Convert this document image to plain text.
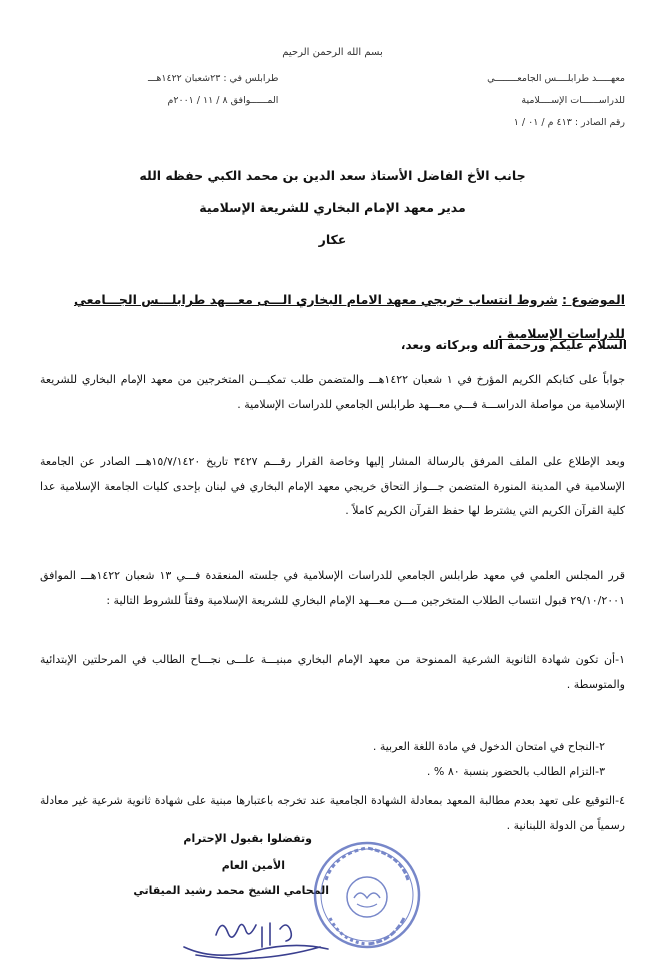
بسم الله الرحمن الرحيم
معهـــــد طرابلــــس الجامعــــــــي
للدراســــــات الإســــلامية
رقم الصادر : ٤١٣ م / ٠١ / ١
طرابلس في : ٢٣شعبان ١٤٢٢هـــ
المــــــوافق ٨ / ١١ / ٢٠٠١م
جانب الأخ الفاضل الأستاذ سعد الدين بن محمد الكبي حفظه الله
مدير معهد الإمام البخاري للشريعة الإسلامية
عكار
الموضوع : شروط انتساب خريجي معهد الامام البخاري الـــى معـــهد طرابلـــس الجـــامعي للدراسات الإسلامية .
السلام عليكم ورحمة الله وبركاته وبعد،
جواباً على كتابكم الكريم المؤرخ في ١ شعبان ١٤٢٢هـــ والمتضمن طلب تمكيـــن المتخرجين من معهد الإمام البخاري للشريعة الإسلامية من مواصلة الدراســـة فـــي معـــهد طرابلس الجامعي للدراسات الإسلامية .
وبعد الإطلاع على الملف المرفق بالرسالة المشار إليها وخاصة القرار رقـــم ٣٤٢٧ تاريخ ١٥/٧/١٤٢٠هـــ الصادر عن الجامعة الإسلامية في المدينة المنورة المتضمن جـــواز التحاق خريجي معهد الإمام البخاري في لبنان بإحدى كليات الجامعة الإسلامية عدا كلية القرآن الكريم التي يشترط لها حفظ القرآن الكريم كاملاً .
قرر المجلس العلمي في معهد طرابلس الجامعي للدراسات الإسلامية في جلسته المنعقدة فـــي ١٣ شعبان ١٤٢٢هـــ الموافق ٢٩/١٠/٢٠٠١ قبول انتساب الطلاب المتخرجين مـــن معـــهد الإمام البخاري للشريعة الإسلامية وفقاً للشروط التالية :
١-أن تكون شهادة الثانوية الشرعية الممنوحة من معهد الإمام البخاري مبنيـــة علـــى نجـــاح الطالب في المرحلتين الإبتدائية والمتوسطة .
٢-النجاح في امتحان الدخول في مادة اللغة العربية .
٣-التزام الطالب بالحضور بنسبة ٨٠ % .
٤-التوقيع على تعهد بعدم مطالبة المعهد بمعادلة الشهادة الجامعية عند تخرجه باعتبارها مبنية على شهادة ثانوية شرعية غير معادلة رسمياً من الدولة اللبنانية .
وتفضلوا بقبول الإحترام
الأمين العام
المحامي الشيخ محمد رشيد الميقاتي
